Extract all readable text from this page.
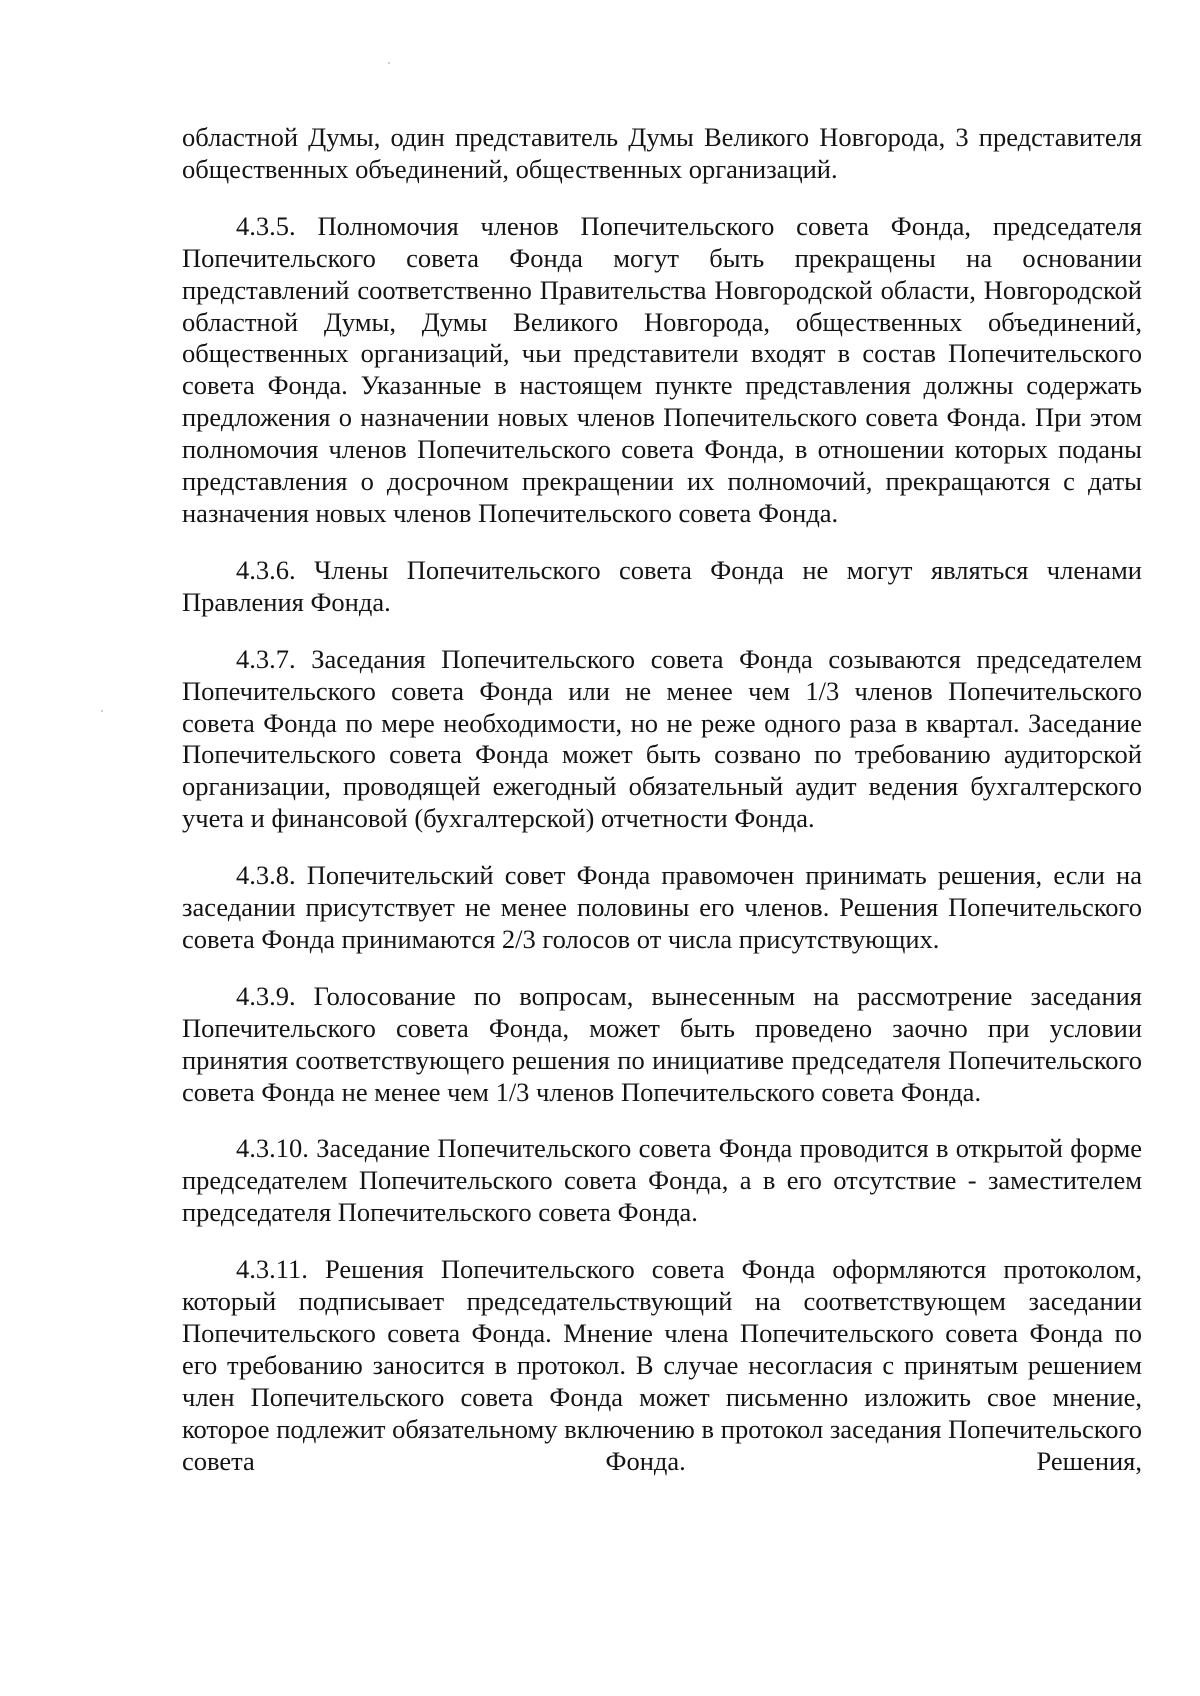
областной Думы, один представитель Думы Великого Новгорода, 3 представителя общественных объединений, общественных организаций.

4.3.5. Полномочия членов Попечительского совета Фонда, председателя Попечительского совета Фонда могут быть прекращены на основании представлений соответственно Правительства Новгородской области, Новгородской областной Думы, Думы Великого Новгорода, общественных объединений, общественных организаций, чьи представители входят в состав Попечительского совета Фонда. Указанные в настоящем пункте представления должны содержать предложения о назначении новых членов Попечительского совета Фонда. При этом полномочия членов Попечительского совета Фонда, в отношении которых поданы представления о досрочном прекращении их полномочий, прекращаются с даты назначения новых членов Попечительского совета Фонда.

4.3.6. Члены Попечительского совета Фонда не могут являться членами Правления Фонда.

4.3.7. Заседания Попечительского совета Фонда созываются председателем Попечительского совета Фонда или не менее чем 1/3 членов Попечительского совета Фонда по мере необходимости, но не реже одного раза в квартал. Заседание Попечительского совета Фонда может быть созвано по требованию аудиторской организации, проводящей ежегодный обязательный аудит ведения бухгалтерского учета и финансовой (бухгалтерской) отчетности Фонда.

4.3.8. Попечительский совет Фонда правомочен принимать решения, если на заседании присутствует не менее половины его членов. Решения Попечительского совета Фонда принимаются 2/3 голосов от числа присутствующих.

4.3.9. Голосование по вопросам, вынесенным на рассмотрение заседания Попечительского совета Фонда, может быть проведено заочно при условии принятия соответствующего решения по инициативе председателя Попечительского совета Фонда не менее чем 1/3 членов Попечительского совета Фонда.

4.3.10. Заседание Попечительского совета Фонда проводится в открытой форме председателем Попечительского совета Фонда, а в его отсутствие - заместителем председателя Попечительского совета Фонда.

4.3.11. Решения Попечительского совета Фонда оформляются протоколом, который подписывает председательствующий на соответствующем заседании Попечительского совета Фонда. Мнение члена Попечительского совета Фонда по его требованию заносится в протокол. В случае несогласия с принятым решением член Попечительского совета Фонда может письменно изложить свое мнение, которое подлежит обязательному включению в протокол заседания Попечительского совета Фонда. Решения,
